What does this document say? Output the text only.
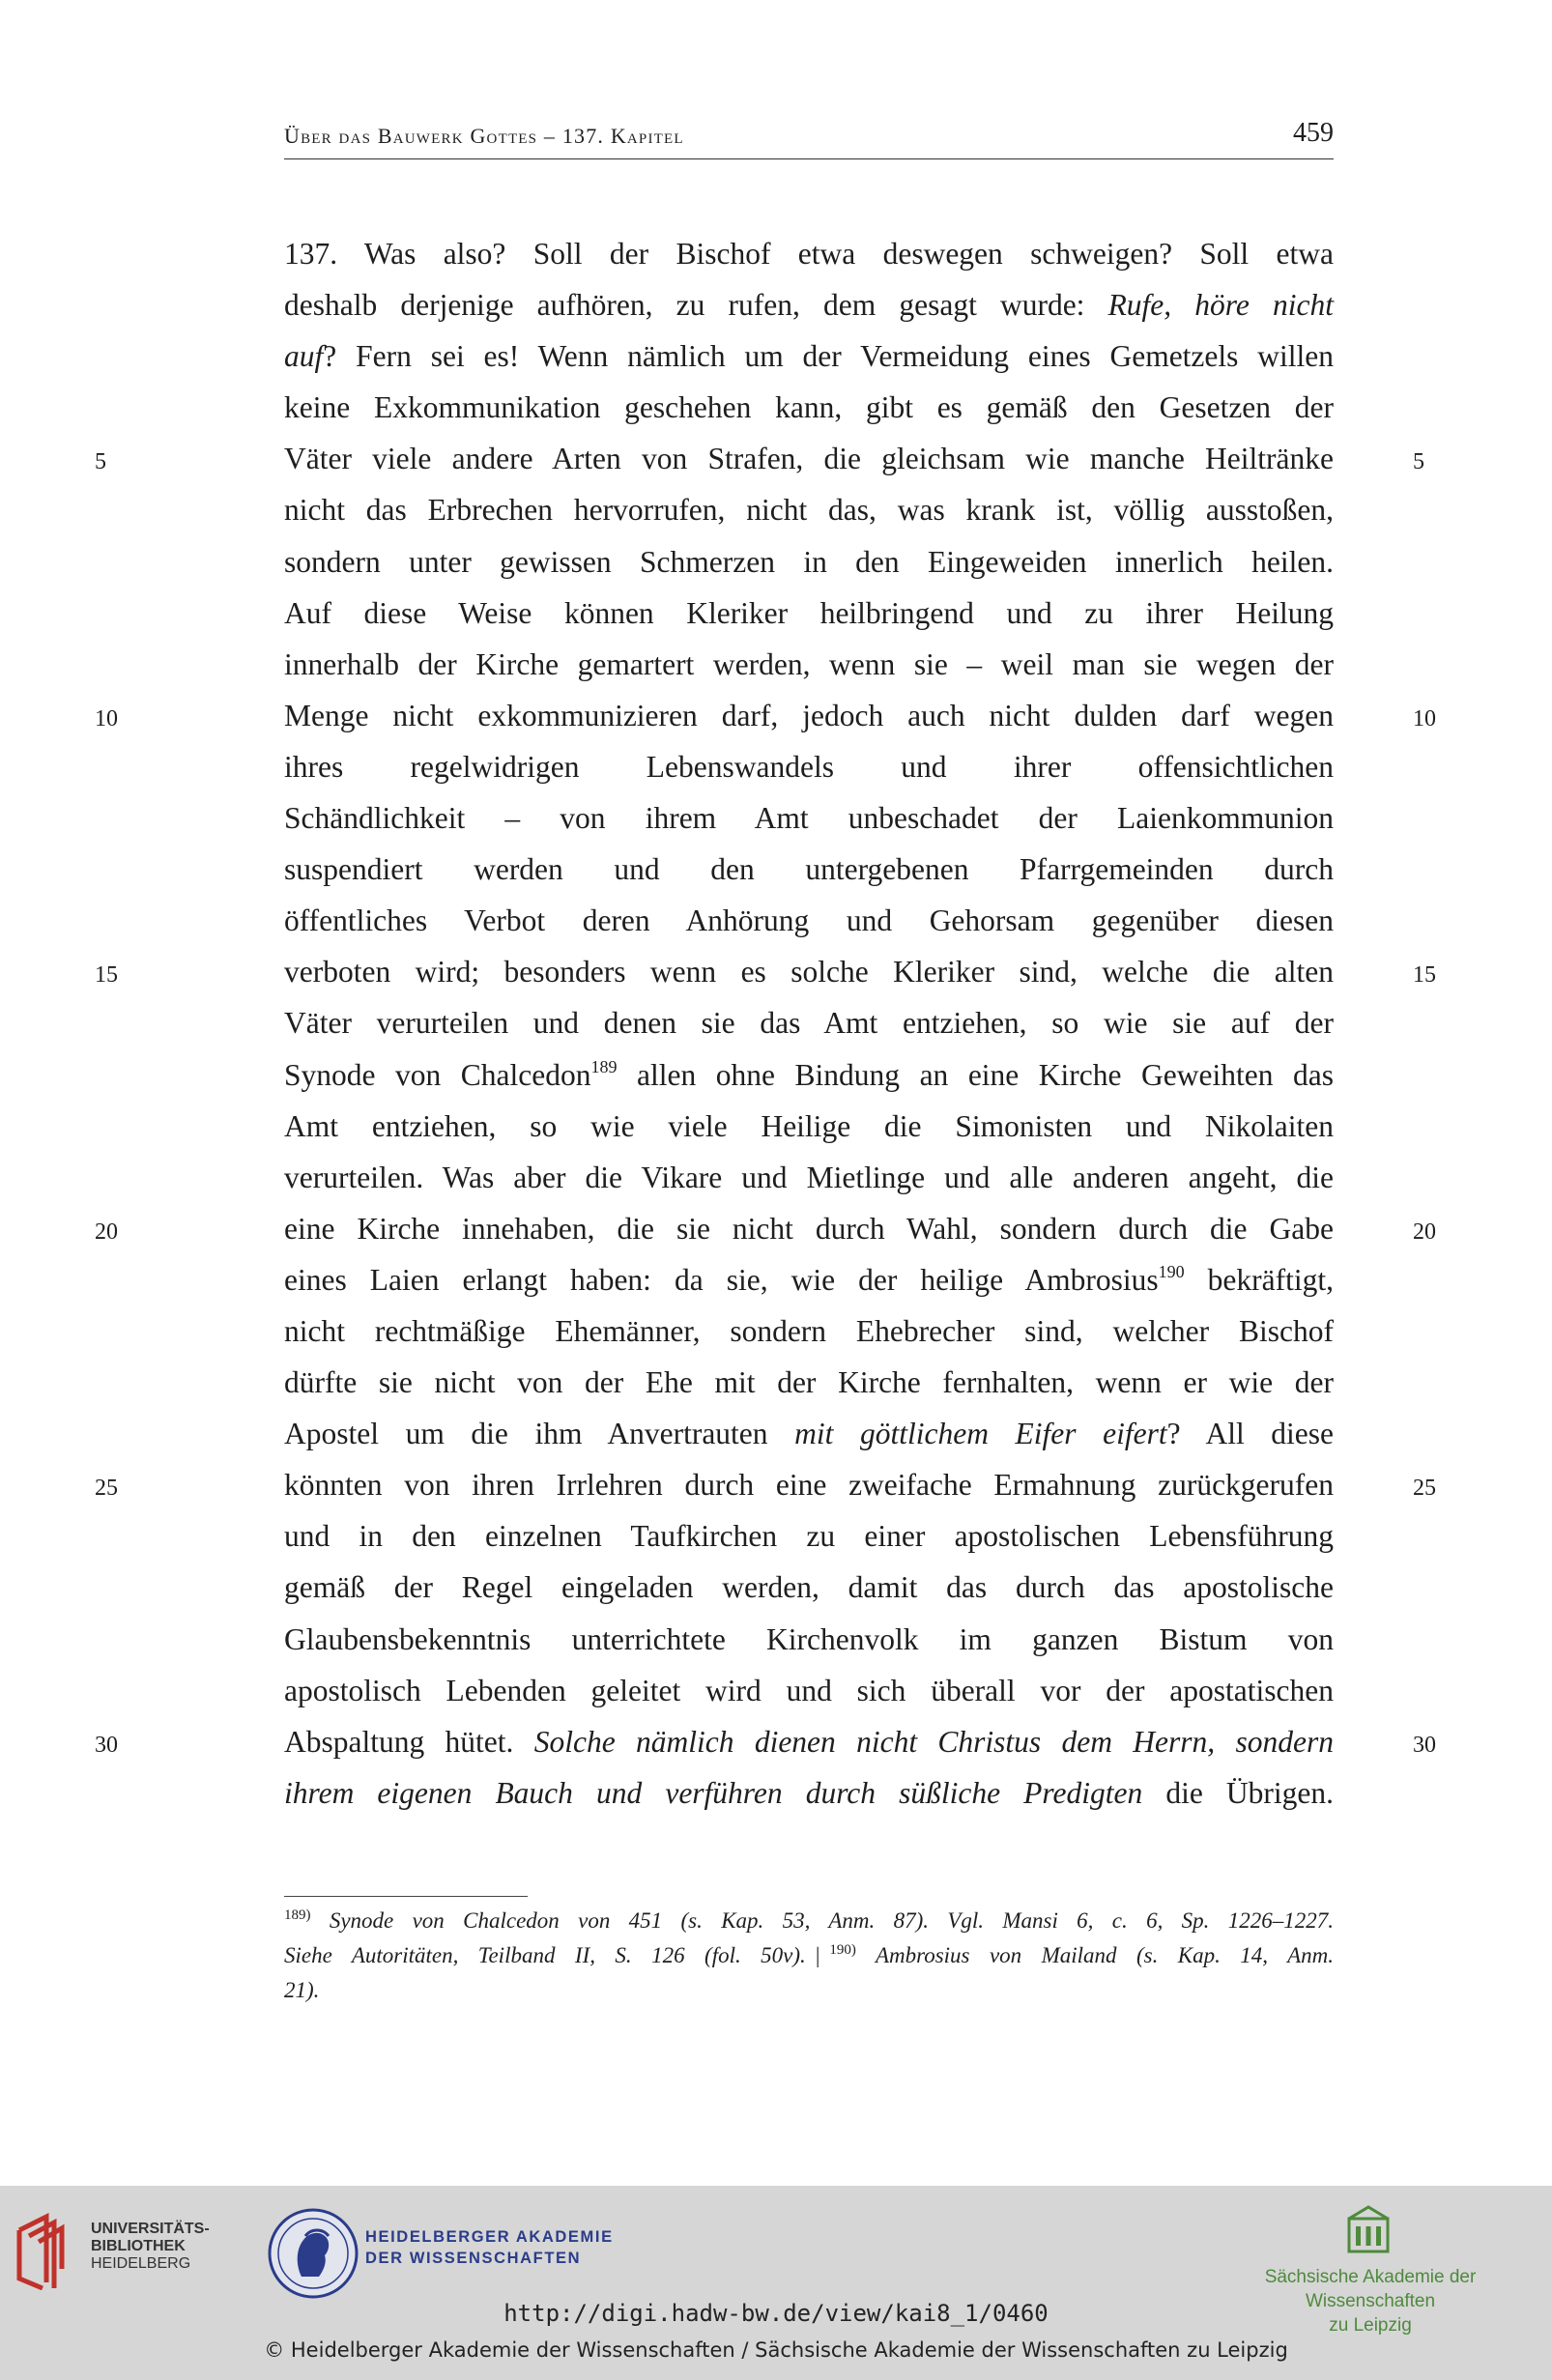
Über das Bauwerk Gottes – 137. Kapitel	459
5
10
15
20
25
30
5
10
15
20
25
30
137. Was also? Soll der Bischof etwa deswegen schweigen? Soll etwa
deshalb derjenige aufhören, zu rufen, dem gesagt wurde: Rufe, höre nicht
auf? Fern sei es! Wenn nämlich um der Vermeidung eines Gemetzels willen
keine Exkommunikation geschehen kann, gibt es gemäß den Gesetzen der
Väter viele andere Arten von Strafen, die gleichsam wie manche Heiltränke
nicht das Erbrechen hervorrufen, nicht das, was krank ist, völlig ausstoßen,
sondern unter gewissen Schmerzen in den Eingeweiden innerlich heilen.
Auf diese Weise können Kleriker heilbringend und zu ihrer Heilung
innerhalb der Kirche gemartert werden, wenn sie – weil man sie wegen der
Menge nicht exkommunizieren darf, jedoch auch nicht dulden darf wegen
ihres regelwidrigen Lebenswandels und ihrer offensichtlichen
Schändlichkeit – von ihrem Amt unbeschadet der Laienkommunion
suspendiert werden und den untergebenen Pfarrgemeinden durch
öffentliches Verbot deren Anhörung und Gehorsam gegenüber diesen
verboten wird; besonders wenn es solche Kleriker sind, welche die alten
Väter verurteilen und denen sie das Amt entziehen, so wie sie auf der
Synode von Chalcedon$^{189}$ allen ohne Bindung an eine Kirche Geweihten das
Amt entziehen, so wie viele Heilige die Simonisten und Nikolaiten
verurteilen. Was aber die Vikare und Mietlinge und alle anderen angeht, die
eine Kirche innehaben, die sie nicht durch Wahl, sondern durch die Gabe
eines Laien erlangt haben: da sie, wie der heilige Ambrosius$^{190}$ bekräftigt,
nicht rechtmäßige Ehemänner, sondern Ehebrecher sind, welcher Bischof
dürfte sie nicht von der Ehe mit der Kirche fernhalten, wenn er wie der
Apostel um die ihm Anvertrauten mit göttlichem Eifer eifert? All diese
könnten von ihren Irrlehren durch eine zweifache Ermahnung zurückgerufen
und in den einzelnen Taufkirchen zu einer apostolischen Lebensführung
gemäß der Regel eingeladen werden, damit das durch das apostolische
Glaubensbekenntnis unterrichtete Kirchenvolk im ganzen Bistum von
apostolisch Lebenden geleitet wird und sich überall vor der apostatischen
Abspaltung hütet. Solche nämlich dienen nicht Christus dem Herrn, sondern
ihrem eigenen Bauch und verführen durch süßliche Predigten die Übrigen.
$^{189)}$ Synode von Chalcedon von 451 (s. Kap. 53, Anm. 87). Vgl. Mansi 6, c. 6, Sp. 1226–1227.
Siehe Autoritäten, Teilband II, S. 126 (fol. 50v). | $^{190)}$ Ambrosius von Mailand (s. Kap. 14, Anm.
21).
UNIVERSITÄTS-
BIBLIOTHEK
HEIDELBERG
HEIDELBERGER AKADEMIE
DER WISSENSCHAFTEN
Sächsische Akademie der Wissenschaften
zu Leipzig
http://digi.hadw-bw.de/view/kai8_1/0460
© Heidelberger Akademie der Wissenschaften / Sächsische Akademie der Wissenschaften zu Leipzig
